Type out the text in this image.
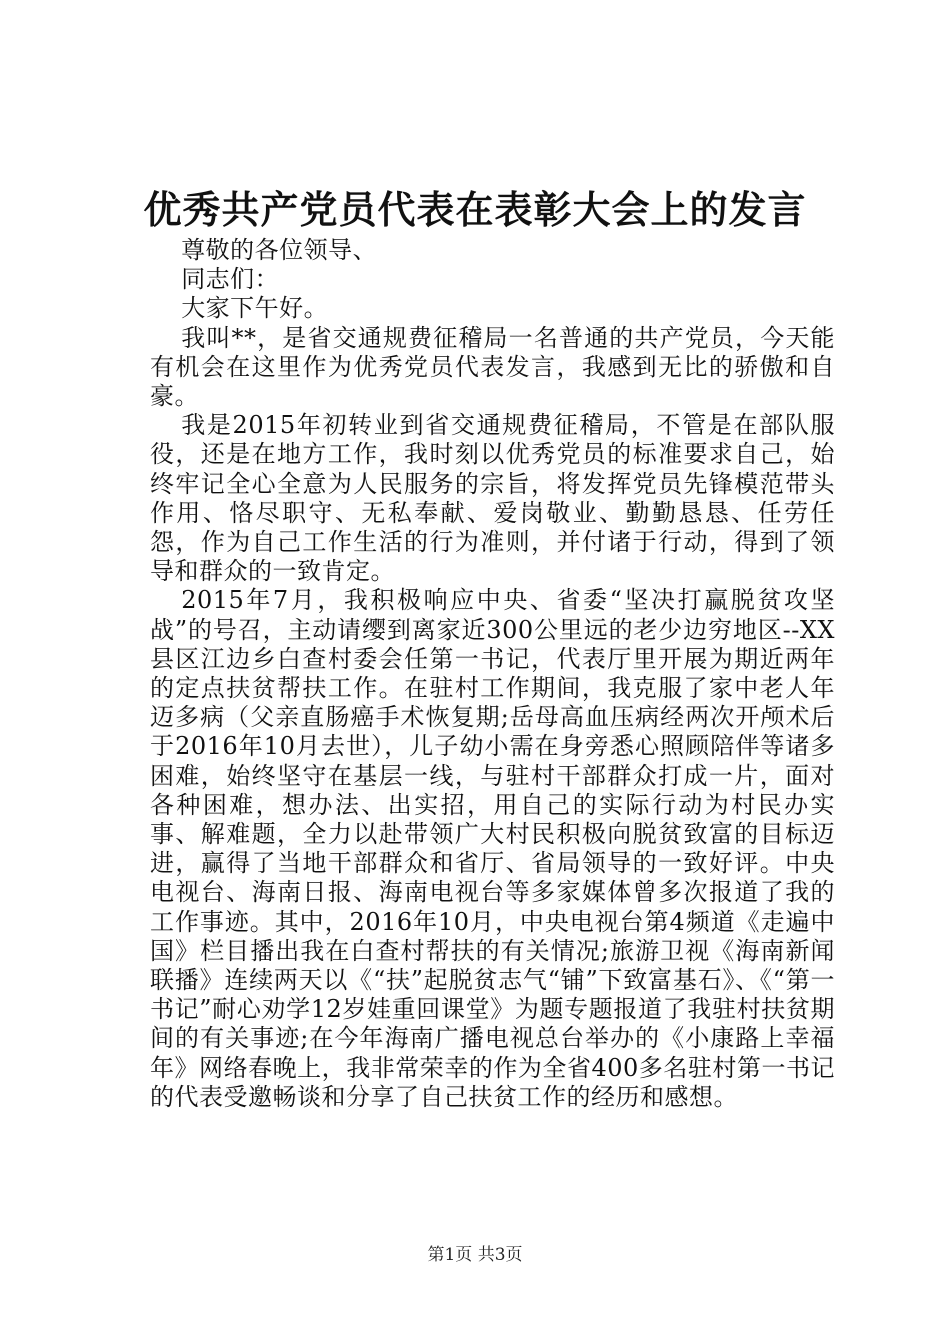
优秀共产党员代表在表彰大会上的发言

尊敬的各位领导、

同志们：

大家下午好。

我叫**，是省交通规费征稽局一名普通的共产党员，今天能有机会在这里作为优秀党员代表发言，我感到无比的骄傲和自豪。

我是2015年初转业到省交通规费征稽局，不管是在部队服役，还是在地方工作，我时刻以优秀党员的标准要求自己，始终牢记全心全意为人民服务的宗旨，将发挥党员先锋模范带头作用、恪尽职守、无私奉献、爱岗敬业、勤勤恳恳、任劳任怨，作为自己工作生活的行为准则，并付诸于行动，得到了领导和群众的一致肯定。

2015年7月，我积极响应中央、省委“坚决打赢脱贫攻坚战”的号召，主动请缨到离家近300公里远的老少边穷地区--XX县区江边乡白查村委会任第一书记，代表厅里开展为期近两年的定点扶贫帮扶工作。在驻村工作期间，我克服了家中老人年迈多病（父亲直肠癌手术恢复期;岳母高血压病经两次开颅术后于2016年10月去世），儿子幼小需在身旁悉心照顾陪伴等诸多困难，始终坚守在基层一线，与驻村干部群众打成一片，面对各种困难，想办法、出实招，用自己的实际行动为村民办实事、解难题，全力以赴带领广大村民积极向脱贫致富的目标迈进，赢得了当地干部群众和省厅、省局领导的一致好评。中央电视台、海南日报、海南电视台等多家媒体曾多次报道了我的工作事迹。其中，2016年10月，中央电视台第4频道《走遍中国》栏目播出我在白查村帮扶的有关情况;旅游卫视《海南新闻联播》连续两天以《“扶”起脱贫志气“铺”下致富基石》、《“第一书记”耐心劝学12岁娃重回课堂》为题专题报道了我驻村扶贫期间的有关事迹;在今年海南广播电视总台举办的《小康路上幸福年》网络春晚上，我非常荣幸的作为全省400多名驻村第一书记的代表受邀畅谈和分享了自己扶贫工作的经历和感想。

第1页 共3页
